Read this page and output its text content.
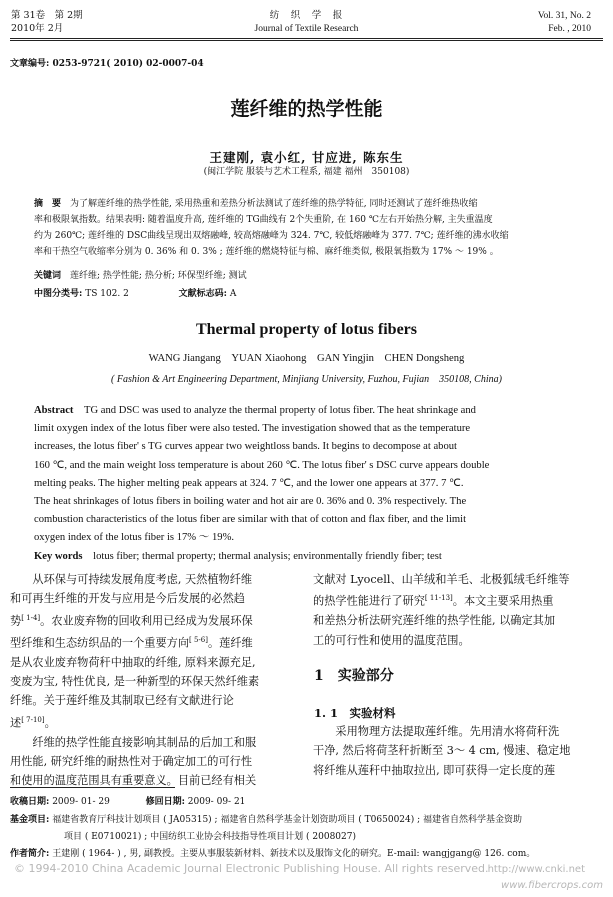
第 31卷　第 2期
2010年 2月
纺　织　学　报
Journal of Textile Research
Vol. 31, No. 2
Feb. , 2010
文章编号: 0253-9721( 2010) 02-0007-04
莲纤维的热学性能
王建刚, 袁小红, 甘应进, 陈东生
(闽江学院 服装与艺术工程系, 福建 福州　350108)
摘　要　 为了解莲纤维的热学性能, 采用热重和差热分析法测试了莲纤维的热学特征, 同时还测试了莲纤维热收缩
率和极限氧指数。结果表明: 随着温度升高, 莲纤维的 TG曲线有 2个失重阶, 在 160 ℃左右开始热分解, 主失重温度
约为 260℃; 莲纤维的 DSC曲线呈现出双熔融峰, 较高熔融峰为 324. 7℃, 较低熔融峰为 377. 7℃; 莲纤维的沸水收缩
率和干热空气收缩率分别为 0. 36% 和 0. 3% ; 莲纤维的燃烧特征与棉、麻纤维类似, 极限氧指数为 17% ～ 19% 。
关键词　 莲纤维; 热学性能; 热分析; 环保型纤维; 测试
中图分类号: TS 102. 2	文献标志码: A
Thermal property of lotus fibers
WANG Jiangang　YUAN Xiaohong　GAN Yingjin　CHEN Dongsheng
( Fashion & Art Engineering Department, Minjiang University, Fuzhou, Fujian　350108, China)
Abstract　 TG and DSC was used to analyze the thermal property of lotus fiber. The heat shrinkage and
limit oxygen index of the lotus fiber were also tested. The investigation showed that as the temperature
increases, the lotus fiber' s TG curves appear two weightloss bands. It begins to decompose at about
160 ℃, and the main weight loss temperature is about 260 ℃. The lotus fiber' s DSC curve appears double
melting peaks. The higher melting peak appears at 324. 7 ℃, and the lower one appears at 377. 7 ℃.
The heat shrinkages of lotus fibers in boiling water and hot air are 0. 36% and 0. 3% respectively. The
combustion characteristics of the lotus fiber are similar with that of cotton and flax fiber, and the limit
oxygen index of the lotus fiber is 17% ～ 19%.
Key words　 lotus fiber; thermal property; thermal analysis; environmentally friendly fiber; test
　　从环保与可持续发展角度考虑, 天然植物纤维
和可再生纤维的开发与应用是今后发展的必然趋
势[ 1-4]。农业废弃物的回收利用已经成为发展环保
型纤维和生态纺织品的一个重要方向[ 5-6]。莲纤维
是从农业废弃物荷秆中抽取的纤维, 原料来源充足,
变废为宝, 特性优良, 是一种新型的环保天然纤维素
纤维。关于莲纤维及其制取已经有文献进行论
述[ 7-10]。
　　纤维的热学性能直接影响其制品的后加工和服
用性能, 研究纤维的耐热性对于确定加工的可行性
和使用的温度范围具有重要意义。目前已经有相关
文献对 Lyocell、山羊绒和羊毛、北极狐绒毛纤维等
的热学性能进行了研究[ 11-13]。本文主要采用热重
和差热分析法研究莲纤维的热学性能, 以确定其加
工的可行性和使用的温度范围。
1　实验部分
1. 1　实验材料
　　采用物理方法提取莲纤维。先用清水将荷秆洗
干净, 然后将荷茎秆折断至 3～ 4 cm, 慢速、稳定地
将纤维从莲秆中抽取拉出, 即可获得一定长度的莲
收稿日期: 2009- 01- 29	修回日期: 2009- 09- 21
基金项目: 福建省教育厅科技计划项目 ( JA05315) ; 福建省自然科学基金计划资助项目 ( T0650024) ; 福建省自然科学基金资助
项目 ( E0710021) ; 中国纺织工业协会科技指导性项目计划 ( 2008027)
作者简介: 王建刚 ( 1964- ) , 男, 副教授。主要从事服装新材料、新技术以及服饰文化的研究。E-mail: wangjgang@ 126. com。
© 1994-2010 China Academic Journal Electronic Publishing House. All rights reserved. http://www.cnki.net
www.fibercrops.com
